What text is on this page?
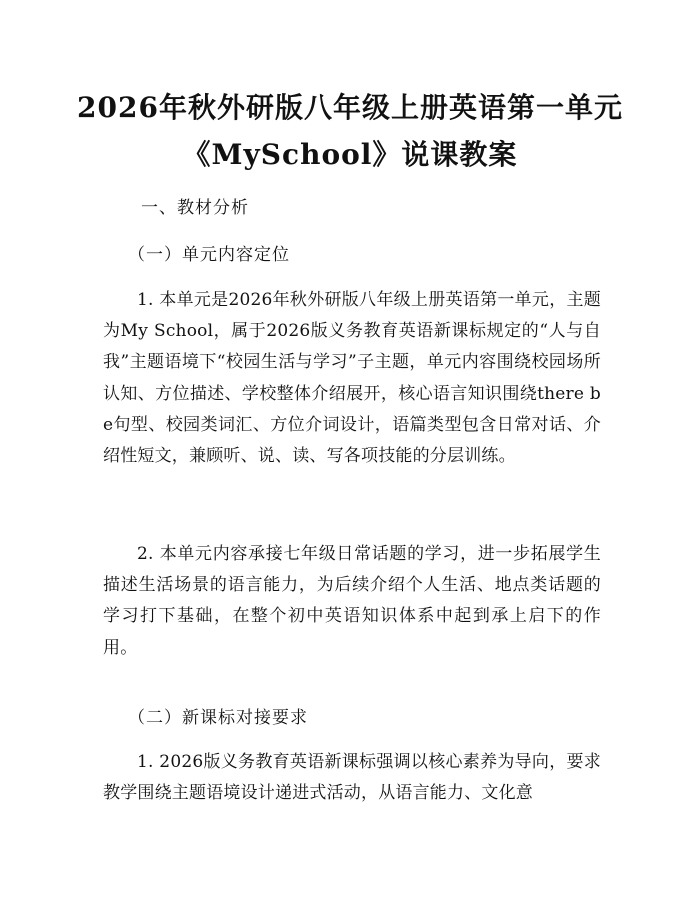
2026年秋外研版八年级上册英语第一单元
《MySchool》说课教案
一、教材分析
（一）单元内容定位
1. 本单元是2026年秋外研版八年级上册英语第一单元，主题为My School，属于2026版义务教育英语新课标规定的“人与自我”主题语境下“校园生活与学习”子主题，单元内容围绕校园场所认知、方位描述、学校整体介绍展开，核心语言知识围绕there be句型、校园类词汇、方位介词设计，语篇类型包含日常对话、介绍性短文，兼顾听、说、读、写各项技能的分层训练。
2. 本单元内容承接七年级日常话题的学习，进一步拓展学生描述生活场景的语言能力，为后续介绍个人生活、地点类话题的学习打下基础，在整个初中英语知识体系中起到承上启下的作用。
（二）新课标对接要求
1. 2026版义务教育英语新课标强调以核心素养为导向，要求教学围绕主题语境设计递进式活动，从语言能力、文化意
